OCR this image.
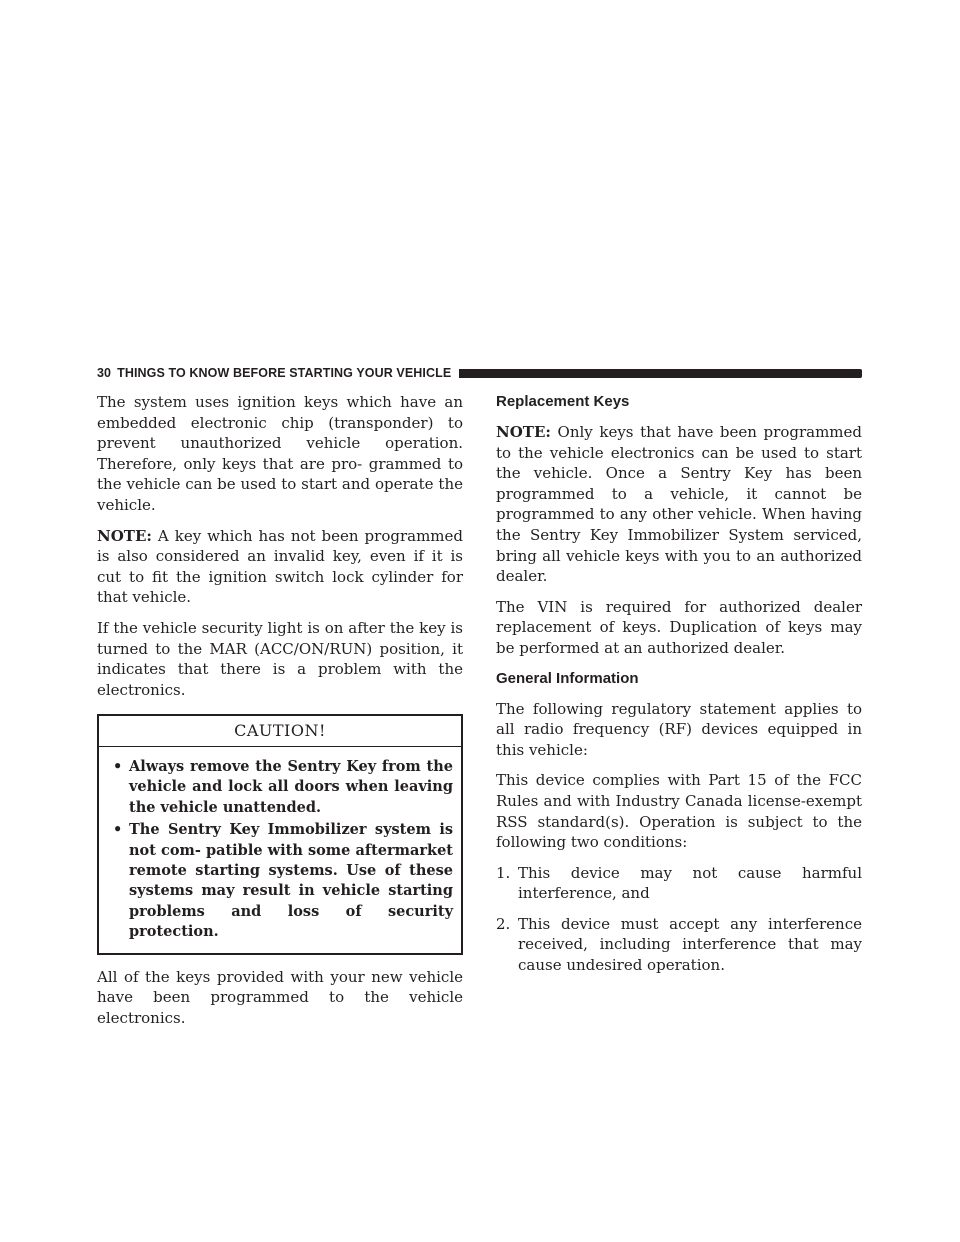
30 THINGS TO KNOW BEFORE STARTING YOUR VEHICLE

The system uses ignition keys which have an embedded electronic chip (transponder) to prevent unauthorized vehicle operation. Therefore, only keys that are pro- grammed to the vehicle can be used to start and operate the vehicle.

NOTE: A key which has not been programmed is also considered an invalid key, even if it is cut to fit the ignition switch lock cylinder for that vehicle.

If the vehicle security light is on after the key is turned to the MAR (ACC/ON/RUN) position, it indicates that there is a problem with the electronics.

CAUTION!
• Always remove the Sentry Key from the vehicle and lock all doors when leaving the vehicle unattended.
• The Sentry Key Immobilizer system is not com- patible with some aftermarket remote starting systems. Use of these systems may result in vehicle starting problems and loss of security protection.

All of the keys provided with your new vehicle have been programmed to the vehicle electronics.

Replacement Keys

NOTE: Only keys that have been programmed to the vehicle electronics can be used to start the vehicle. Once a Sentry Key has been programmed to a vehicle, it cannot be programmed to any other vehicle. When having the Sentry Key Immobilizer System serviced, bring all vehicle keys with you to an authorized dealer.

The VIN is required for authorized dealer replacement of keys. Duplication of keys may be performed at an authorized dealer.

General Information

The following regulatory statement applies to all radio frequency (RF) devices equipped in this vehicle:

This device complies with Part 15 of the FCC Rules and with Industry Canada license-exempt RSS standard(s). Operation is subject to the following two conditions:

1. This device may not cause harmful interference, and
2. This device must accept any interference received, including interference that may cause undesired operation.
